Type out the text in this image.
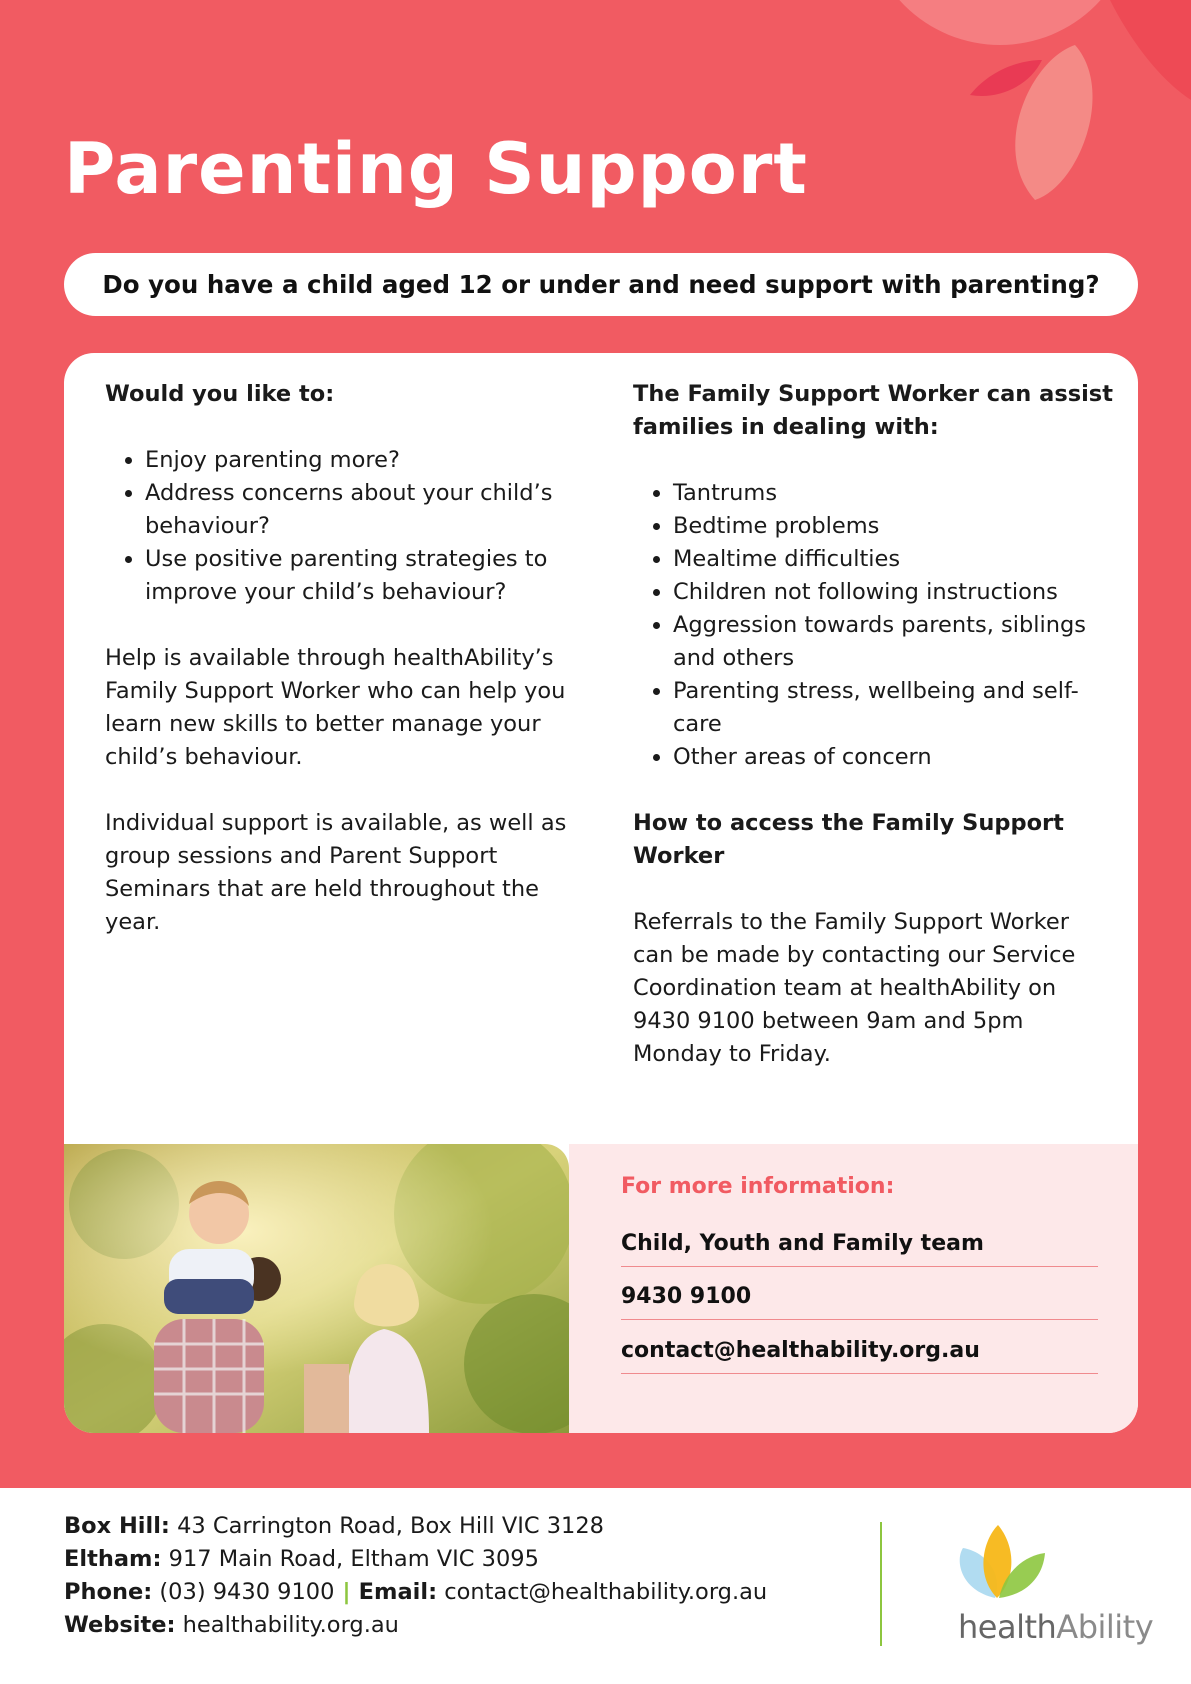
Parenting Support
Do you have a child aged 12 or under and need support with parenting?
Would you like to:
• Enjoy parenting more?
• Address concerns about your child’s behaviour?
• Use positive parenting strategies to improve your child’s behaviour?

Help is available through healthAbility’s Family Support Worker who can help you learn new skills to better manage your child’s behaviour.

Individual support is available, as well as group sessions and Parent Support Seminars that are held throughout the year.

The Family Support Worker can assist families in dealing with:
• Tantrums
• Bedtime problems
• Mealtime difficulties
• Children not following instructions
• Aggression towards parents, siblings and others
• Parenting stress, wellbeing and self-care
• Other areas of concern
How to access the Family Support Worker

Referrals to the Family Support Worker can be made by contacting our Service Coordination team at healthAbility on 9430 9100 between 9am and 5pm Monday to Friday.

For more information:
Child, Youth and Family team
9430 9100
contact@healthability.org.au
Box Hill: 43 Carrington Road, Box Hill VIC 3128
Eltham: 917 Main Road, Eltham VIC 3095
Phone: (03) 9430 9100 | Email: contact@healthability.org.au
Website: healthability.org.au	healthAbility
